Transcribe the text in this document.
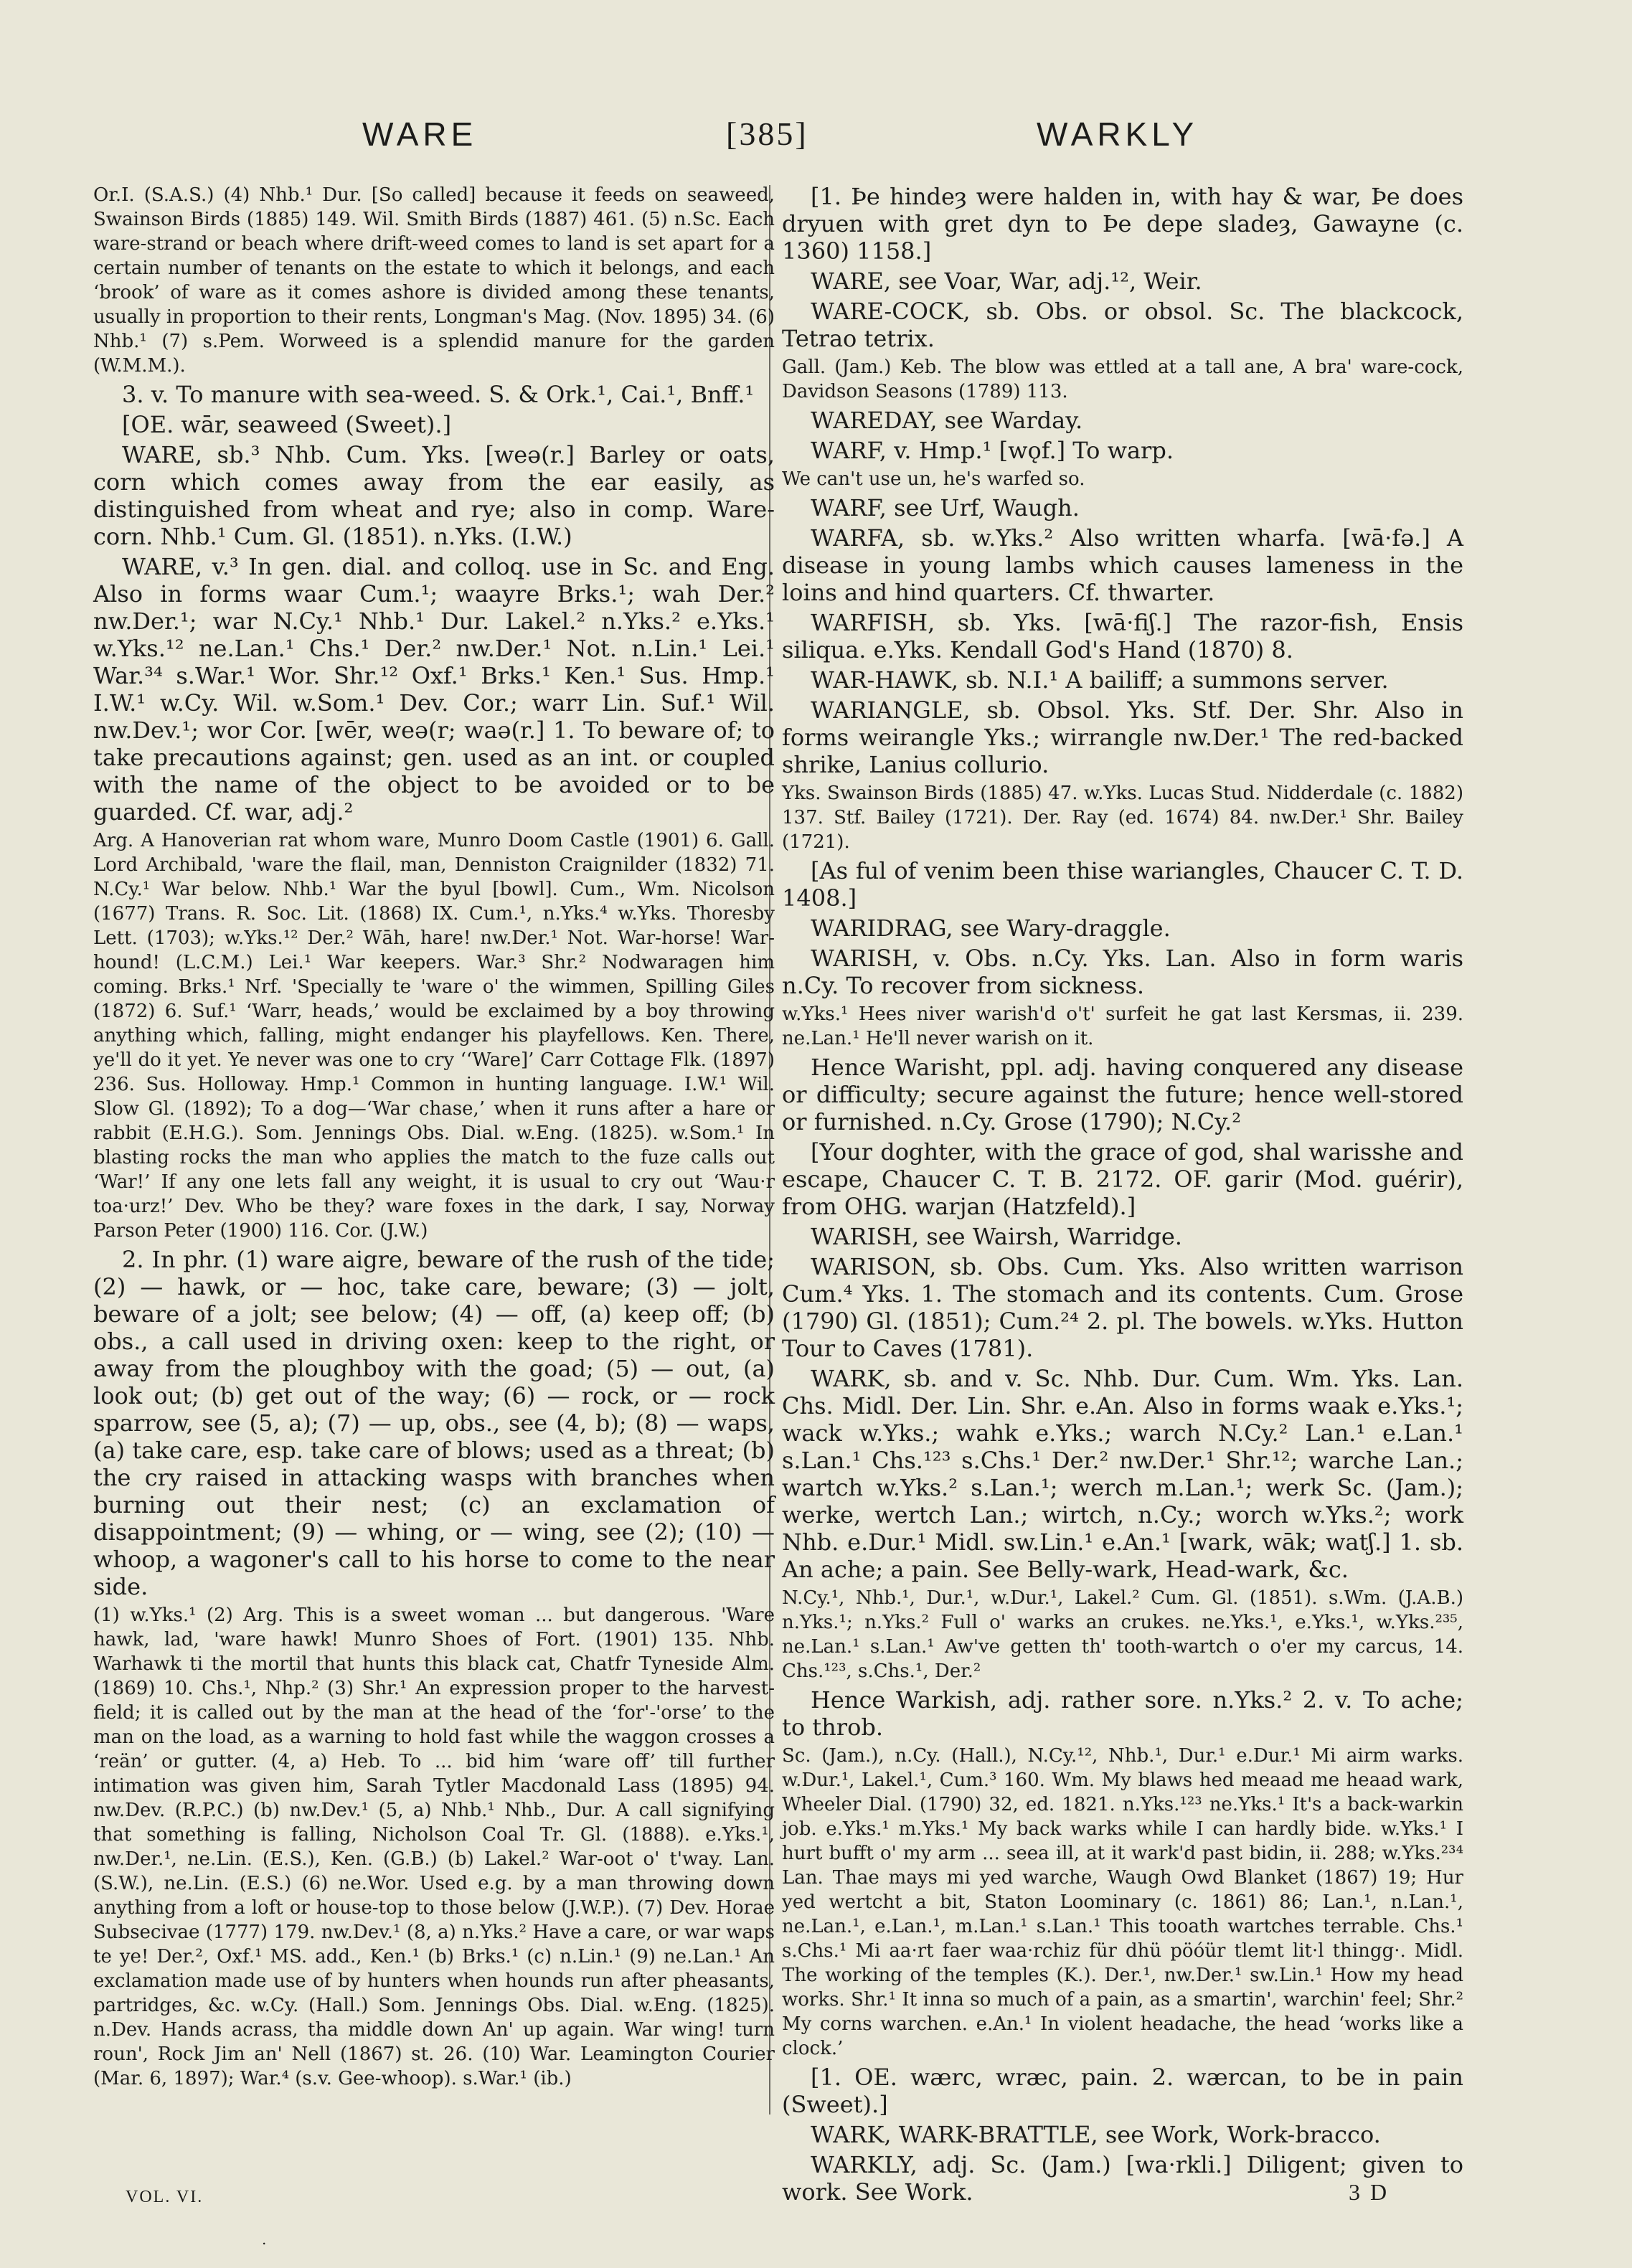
WARE	[385]	WARKLY

Or.I. (S.A.S.) (4) Nhb.¹ Dur. [So called] because it feeds on seaweed, Swainson Birds (1885) 149. Wil. Smith Birds (1887) 461. (5) n.Sc. Each ware-strand or beach where drift-weed comes to land is set apart for a certain number of tenants on the estate to which it belongs, and each ‘brook’ of ware as it comes ashore is divided among these tenants, usually in proportion to their rents, Longman's Mag. (Nov. 1895) 34. (6) Nhb.¹ (7) s.Pem. Worweed is a splendid manure for the garden (W.M.M.).

3. v. To manure with sea-weed. S. & Ork.¹, Cai.¹, Bnff.¹

[OE. wār, seaweed (Sweet).]

WARE, sb.³ Nhb. Cum. Yks. [weə(r.] Barley or oats, corn which comes away from the ear easily, as distinguished from wheat and rye; also in comp. Ware-corn. Nhb.¹ Cum. Gl. (1851). n.Yks. (I.W.)

WARE, v.³ In gen. dial. and colloq. use in Sc. and Eng. Also in forms waar Cum.¹; waayre Brks.¹; wah Der.² nw.Der.¹; war N.Cy.¹ Nhb.¹ Dur. Lakel.² n.Yks.² e.Yks.¹ w.Yks.¹² ne.Lan.¹ Chs.¹ Der.² nw.Der.¹ Not. n.Lin.¹ Lei.¹ War.³⁴ s.War.¹ Wor. Shr.¹² Oxf.¹ Brks.¹ Ken.¹ Sus. Hmp.¹ I.W.¹ w.Cy. Wil. w.Som.¹ Dev. Cor.; warr Lin. Suf.¹ Wil. nw.Dev.¹; wor Cor. [wēr, weə(r; waə(r.] 1. To beware of; to take precautions against; gen. used as an int. or coupled with the name of the object to be avoided or to be guarded. Cf. war, adj.²

Arg. A Hanoverian rat whom ware, Munro Doom Castle (1901) 6. Gall. Lord Archibald, 'ware the flail, man, Denniston Craignilder (1832) 71. N.Cy.¹ War below. Nhb.¹ War the byul [bowl]. Cum., Wm. Nicolson (1677) Trans. R. Soc. Lit. (1868) IX. Cum.¹, n.Yks.⁴ w.Yks. Thoresby Lett. (1703); w.Yks.¹² Der.² Wāh, hare! nw.Der.¹ Not. War-horse! War-hound! (L.C.M.) Lei.¹ War keepers. War.³ Shr.² Nodwaragen him coming. Brks.¹ Nrf. 'Specially te 'ware o' the wimmen, Spilling Giles (1872) 6. Suf.¹ ‘Warr, heads,’ would be exclaimed by a boy throwing anything which, falling, might endanger his playfellows. Ken. There, ye'll do it yet. Ye never was one to cry ‘‘Ware]’ Carr Cottage Flk. (1897) 236. Sus. Holloway. Hmp.¹ Common in hunting language. I.W.¹ Wil. Slow Gl. (1892); To a dog—‘War chase,’ when it runs after a hare or rabbit (E.H.G.). Som. Jennings Obs. Dial. w.Eng. (1825). w.Som.¹ In blasting rocks the man who applies the match to the fuze calls out ‘War!’ If any one lets fall any weight, it is usual to cry out ‘Wau·r toa·urz!’ Dev. Who be they? ware foxes in the dark, I say, Norway Parson Peter (1900) 116. Cor. (J.W.)

2. In phr. (1) ware aigre, beware of the rush of the tide; (2) — hawk, or — hoc, take care, beware; (3) — jolt, beware of a jolt; see below; (4) — off, (a) keep off; (b) obs., a call used in driving oxen: keep to the right, or away from the ploughboy with the goad; (5) — out, (a) look out; (b) get out of the way; (6) — rock, or — rock sparrow, see (5, a); (7) — up, obs., see (4, b); (8) — waps, (a) take care, esp. take care of blows; used as a threat; (b) the cry raised in attacking wasps with branches when burning out their nest; (c) an exclamation of disappointment; (9) — whing, or — wing, see (2); (10) — whoop, a wagoner's call to his horse to come to the near side.

(1) w.Yks.¹ (2) Arg. This is a sweet woman ... but dangerous. 'Ware hawk, lad, 'ware hawk! Munro Shoes of Fort. (1901) 135. Nhb. Warhawk ti the mortil that hunts this black cat, Chatfr Tyneside Alm. (1869) 10. Chs.¹, Nhp.² (3) Shr.¹ An expression proper to the harvest-field; it is called out by the man at the head of the ‘for'-'orse’ to the man on the load, as a warning to hold fast while the waggon crosses a ‘reän’ or gutter. (4, a) Heb. To ... bid him ‘ware off’ till further intimation was given him, Sarah Tytler Macdonald Lass (1895) 94. nw.Dev. (R.P.C.) (b) nw.Dev.¹ (5, a) Nhb.¹ Nhb., Dur. A call signifying that something is falling, Nicholson Coal Tr. Gl. (1888). e.Yks.¹, nw.Der.¹, ne.Lin. (E.S.), Ken. (G.B.) (b) Lakel.² War-oot o' t'way. Lan. (S.W.), ne.Lin. (E.S.) (6) ne.Wor. Used e.g. by a man throwing down anything from a loft or house-top to those below (J.W.P.). (7) Dev. Horae Subsecivae (1777) 179. nw.Dev.¹ (8, a) n.Yks.² Have a care, or war waps te ye! Der.², Oxf.¹ MS. add., Ken.¹ (b) Brks.¹ (c) n.Lin.¹ (9) ne.Lan.¹ An exclamation made use of by hunters when hounds run after pheasants, partridges, &c. w.Cy. (Hall.) Som. Jennings Obs. Dial. w.Eng. (1825). n.Dev. Hands acrass, tha middle down An' up again. War wing! turn roun', Rock Jim an' Nell (1867) st. 26. (10) War. Leamington Courier (Mar. 6, 1897); War.⁴ (s.v. Gee-whoop). s.War.¹ (ib.)

[1. Þe hindeȝ were halden in, with hay & war, Þe does dryuen with gret dyn to Þe depe sladeȝ, Gawayne (c. 1360) 1158.]

WARE, see Voar, War, adj.¹², Weir.

WARE-COCK, sb. Obs. or obsol. Sc. The blackcock, Tetrao tetrix.

Gall. (Jam.) Keb. The blow was ettled at a tall ane, A bra' ware-cock, Davidson Seasons (1789) 113.

WAREDAY, see Warday.

WARF, v. Hmp.¹ [wǫf.] To warp.

We can't use un, he's warfed so.

WARF, see Urf, Waugh.

WARFA, sb. w.Yks.² Also written wharfa. [wā·fə.] A disease in young lambs which causes lameness in the loins and hind quarters. Cf. thwarter.

WARFISH, sb. Yks. [wā·fiʃ.] The razor-fish, Ensis siliqua. e.Yks. Kendall God's Hand (1870) 8.

WAR-HAWK, sb. N.I.¹ A bailiff; a summons server.

WARIANGLE, sb. Obsol. Yks. Stf. Der. Shr. Also in forms weirangle Yks.; wirrangle nw.Der.¹ The red-backed shrike, Lanius collurio.

Yks. Swainson Birds (1885) 47. w.Yks. Lucas Stud. Nidderdale (c. 1882) 137. Stf. Bailey (1721). Der. Ray (ed. 1674) 84. nw.Der.¹ Shr. Bailey (1721).

[As ful of venim been thise wariangles, Chaucer C. T. D. 1408.]

WARIDRAG, see Wary-draggle.

WARISH, v. Obs. n.Cy. Yks. Lan. Also in form waris n.Cy. To recover from sickness.

w.Yks.¹ Hees niver warish'd o't' surfeit he gat last Kersmas, ii. 239. ne.Lan.¹ He'll never warish on it.

Hence Warisht, ppl. adj. having conquered any disease or difficulty; secure against the future; hence well-stored or furnished. n.Cy. Grose (1790); N.Cy.²

[Your doghter, with the grace of god, shal warisshe and escape, Chaucer C. T. B. 2172. OF. garir (Mod. guérir), from OHG. warjan (Hatzfeld).]

WARISH, see Wairsh, Warridge.

WARISON, sb. Obs. Cum. Yks. Also written warrison Cum.⁴ Yks. 1. The stomach and its contents. Cum. Grose (1790) Gl. (1851); Cum.²⁴ 2. pl. The bowels. w.Yks. Hutton Tour to Caves (1781).

WARK, sb. and v. Sc. Nhb. Dur. Cum. Wm. Yks. Lan. Chs. Midl. Der. Lin. Shr. e.An. Also in forms waak e.Yks.¹; wack w.Yks.; wahk e.Yks.; warch N.Cy.² Lan.¹ e.Lan.¹ s.Lan.¹ Chs.¹²³ s.Chs.¹ Der.² nw.Der.¹ Shr.¹²; warche Lan.; wartch w.Yks.² s.Lan.¹; werch m.Lan.¹; werk Sc. (Jam.); werke, wertch Lan.; wirtch, n.Cy.; worch w.Yks.²; work Nhb. e.Dur.¹ Midl. sw.Lin.¹ e.An.¹ [wark, wāk; watʃ.] 1. sb. An ache; a pain. See Belly-wark, Head-wark, &c.

N.Cy.¹, Nhb.¹, Dur.¹, w.Dur.¹, Lakel.² Cum. Gl. (1851). s.Wm. (J.A.B.) n.Yks.¹; n.Yks.² Full o' warks an crukes. ne.Yks.¹, e.Yks.¹, w.Yks.²³⁵, ne.Lan.¹ s.Lan.¹ Aw've getten th' tooth-wartch o o'er my carcus, 14. Chs.¹²³, s.Chs.¹, Der.²

Hence Warkish, adj. rather sore. n.Yks.² 2. v. To ache; to throb.

Sc. (Jam.), n.Cy. (Hall.), N.Cy.¹², Nhb.¹, Dur.¹ e.Dur.¹ Mi airm warks. w.Dur.¹, Lakel.¹, Cum.³ 160. Wm. My blaws hed meaad me heaad wark, Wheeler Dial. (1790) 32, ed. 1821. n.Yks.¹²³ ne.Yks.¹ It's a back-warkin job. e.Yks.¹ m.Yks.¹ My back warks while I can hardly bide. w.Yks.¹ I hurt bufft o' my arm ... seea ill, at it wark'd past bidin, ii. 288; w.Yks.²³⁴ Lan. Thae mays mi yed warche, Waugh Owd Blanket (1867) 19; Hur yed wertcht a bit, Staton Loominary (c. 1861) 86; Lan.¹, n.Lan.¹, ne.Lan.¹, e.Lan.¹, m.Lan.¹ s.Lan.¹ This tooath wartches terrable. Chs.¹ s.Chs.¹ Mi aa·rt faer waa·rchiz für dhü pöóür tlemt lit·l thingg·. Midl. The working of the temples (K.). Der.¹, nw.Der.¹ sw.Lin.¹ How my head works. Shr.¹ It inna so much of a pain, as a smartin', warchin' feel; Shr.² My corns warchen. e.An.¹ In violent headache, the head ‘works like a clock.’

[1. OE. wærc, wræc, pain. 2. wærcan, to be in pain (Sweet).]

WARK, WARK-BRATTLE, see Work, Work-bracco.

WARKLY, adj. Sc. (Jam.) [wa·rkli.] Diligent; given to work. See Work.

VOL. VI.	3 D
.
